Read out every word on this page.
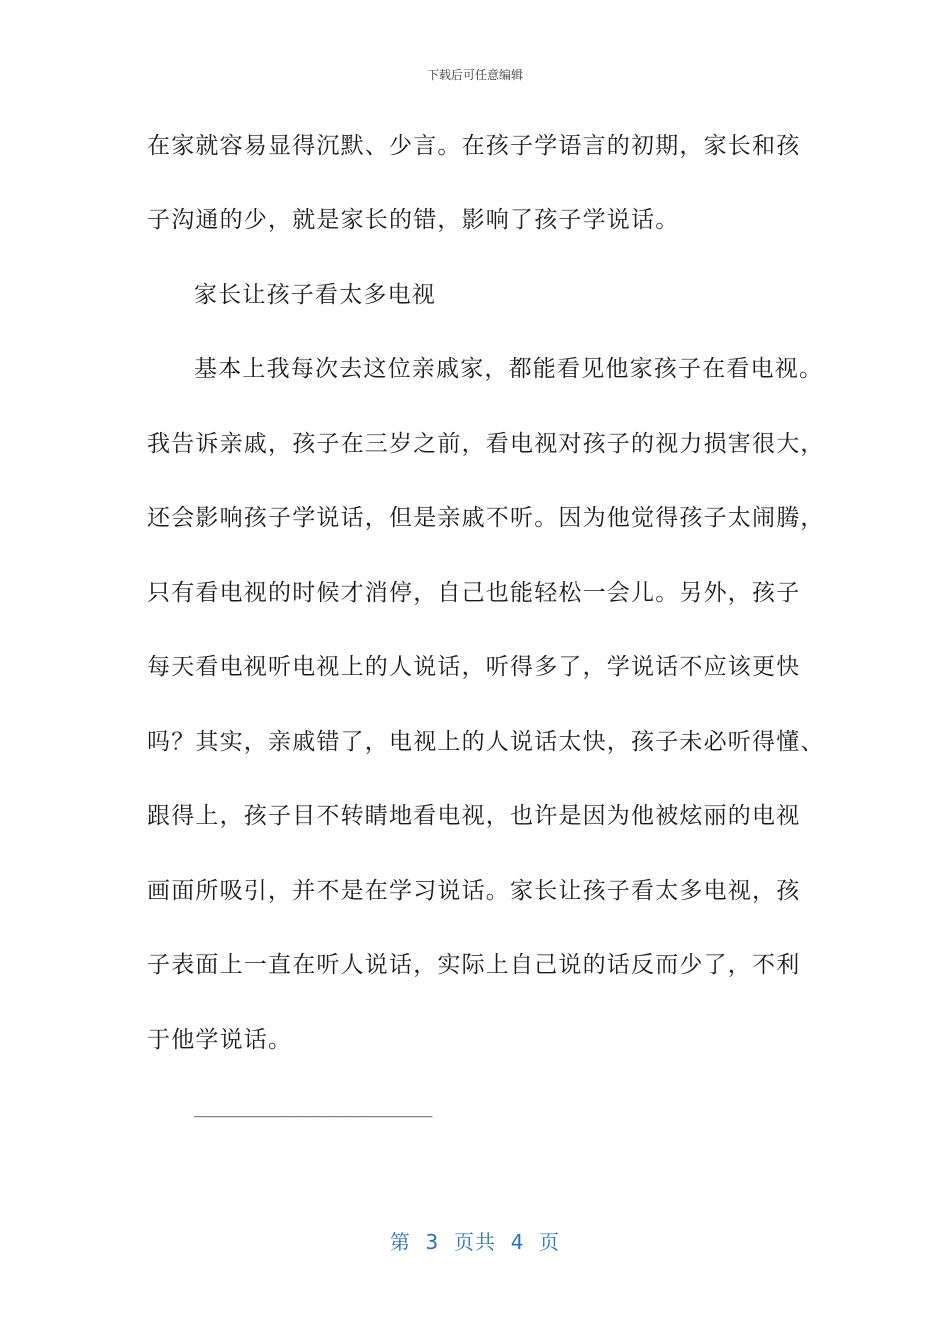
下载后可任意编辑
在家就容易显得沉默、少言。在孩子学语言的初期，家长和孩
子沟通的少，就是家长的错，影响了孩子学说话。
家长让孩子看太多电视
基本上我每次去这位亲戚家，都能看见他家孩子在看电视。
我告诉亲戚，孩子在三岁之前，看电视对孩子的视力损害很大，
还会影响孩子学说话，但是亲戚不听。因为他觉得孩子太闹腾，
只有看电视的时候才消停，自己也能轻松一会儿。另外，孩子
每天看电视听电视上的人说话，听得多了，学说话不应该更快
吗？其实，亲戚错了，电视上的人说话太快，孩子未必听得懂、
跟得上，孩子目不转睛地看电视，也许是因为他被炫丽的电视
画面所吸引，并不是在学习说话。家长让孩子看太多电视，孩
子表面上一直在听人说话，实际上自己说的话反而少了，不利
于他学说话。
______________________
第  3  页共  4  页
